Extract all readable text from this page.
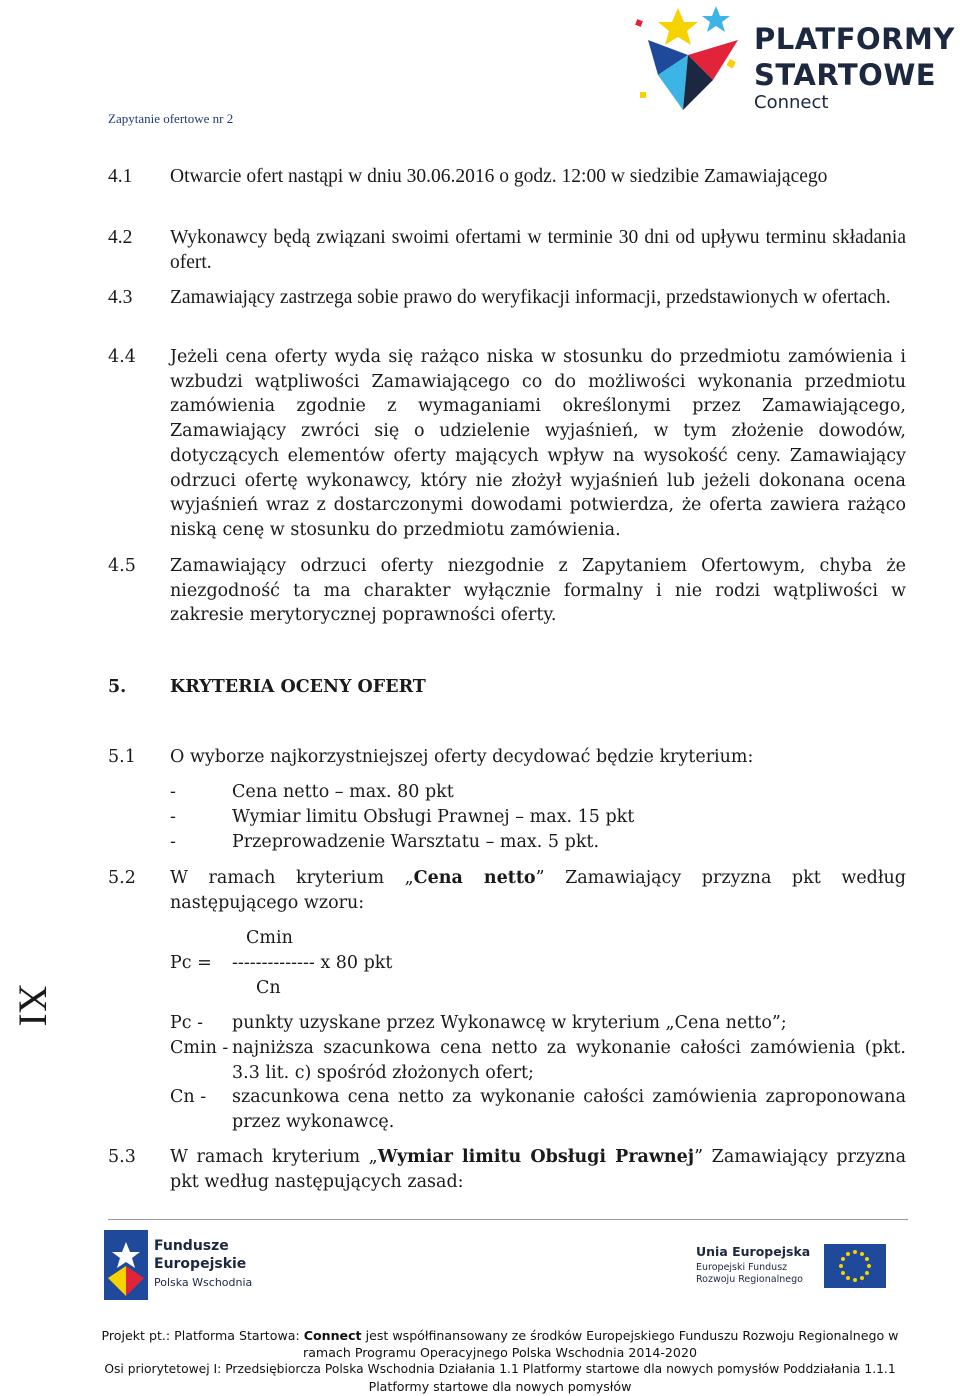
Zapytanie ofertowe nr 2
PLATFORMY
STARTOWE
Connect
4.1 Otwarcie ofert nastąpi w dniu 30.06.2016 o godz. 12:00 w siedzibie Zamawiającego
4.2 Wykonawcy będą związani swoimi ofertami w terminie 30 dni od upływu terminu składania ofert.
4.3 Zamawiający zastrzega sobie prawo do weryfikacji informacji, przedstawionych w ofertach.
4.4 Jeżeli cena oferty wyda się rażąco niska w stosunku do przedmiotu zamówienia i wzbudzi wątpliwości Zamawiającego co do możliwości wykonania przedmiotu zamówienia zgodnie z wymaganiami określonymi przez Zamawiającego, Zamawiający zwróci się o udzielenie wyjaśnień, w tym złożenie dowodów, dotyczących elementów oferty mających wpływ na wysokość ceny. Zamawiający odrzuci ofertę wykonawcy, który nie złożył wyjaśnień lub jeżeli dokonana ocena wyjaśnień wraz z dostarczonymi dowodami potwierdza, że oferta zawiera rażąco niską cenę w stosunku do przedmiotu zamówienia.
4.5 Zamawiający odrzuci oferty niezgodnie z Zapytaniem Ofertowym, chyba że niezgodność ta ma charakter wyłącznie formalny i nie rodzi wątpliwości w zakresie merytorycznej poprawności oferty.
5. KRYTERIA OCENY OFERT
5.1 O wyborze najkorzystniejszej oferty decydować będzie kryterium:
-	Cena netto – max. 80 pkt
-	Wymiar limitu Obsługi Prawnej – max. 15 pkt
-	Przeprowadzenie Warsztatu – max. 5 pkt.
5.2 W ramach kryterium „Cena netto” Zamawiający przyzna pkt według następującego wzoru:
Cmin
Pc = -------------- x 80 pkt
Cn
Pc - punkty uzyskane przez Wykonawcę w kryterium „Cena netto”;
Cmin - najniższa szacunkowa cena netto za wykonanie całości zamówienia (pkt. 3.3 lit. c) spośród złożonych ofert;
Cn - szacunkowa cena netto za wykonanie całości zamówienia zaproponowana przez wykonawcę.
5.3 W ramach kryterium „Wymiar limitu Obsługi Prawnej” Zamawiający przyzna pkt według następujących zasad:
XI
Fundusze
Europejskie
Polska Wschodnia
Unia Europejska
Europejski Fundusz
Rozwoju Regionalnego
Projekt pt.: Platforma Startowa: Connect jest współfinansowany ze środków Europejskiego Funduszu Rozwoju Regionalnego w
ramach Programu Operacyjnego Polska Wschodnia 2014-2020
Osi priorytetowej I: Przedsiębiorcza Polska Wschodnia Działania 1.1 Platformy startowe dla nowych pomysłów Poddziałania 1.1.1
Platformy startowe dla nowych pomysłów
